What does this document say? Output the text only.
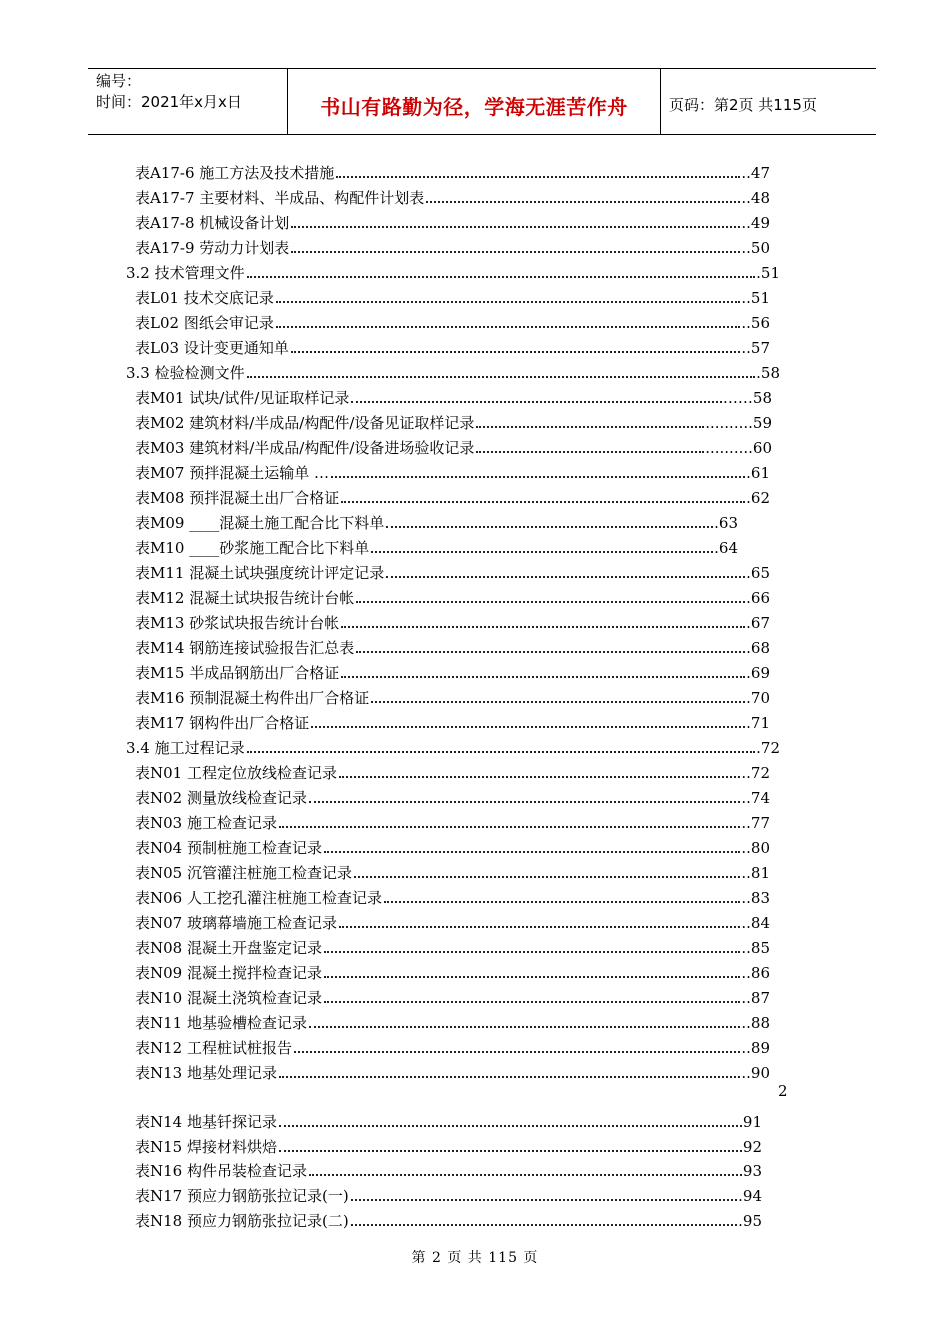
编号：
时间：2021年x月x日	书山有路勤为径，学海无涯苦作舟	页码：第2页 共115页
表A17-6 施工方法及技术措施	..47
表A17-7 主要材料、半成品、构配件计划表	..48
表A17-8 机械设备计划	..49
表A17-9 劳动力计划表	..50
3.2 技术管理文件	.51
表L01 技术交底记录	..51
表L02 图纸会审记录	..56
表L03 设计变更通知单	..57
3.3 检验检测文件	.58
表M01 试块/试件/见证取样记录	……58
表M02 建筑材料/半成品/构配件/设备见证取样记录	..........59
表M03 建筑材料/半成品/构配件/设备进场验收记录	..........60
表M07 预拌混凝土运输单 …	.61
表M08 预拌混凝土出厂合格证	.62
表M09 ____混凝土施工配合比下料单	.63
表M10 ____砂浆施工配合比下料单	.64
表M11 混凝土试块强度统计评定记录	.65
表M12 混凝土试块报告统计台帐	.66
表M13 砂浆试块报告统计台帐	.67
表M14 钢筋连接试验报告汇总表	.68
表M15 半成品钢筋出厂合格证	.69
表M16 预制混凝土构件出厂合格证	.70
表M17 钢构件出厂合格证	.71
3.4 施工过程记录	.72
表N01 工程定位放线检查记录	..72
表N02 测量放线检查记录	..74
表N03 施工检查记录	..77
表N04 预制桩施工检查记录	..80
表N05 沉管灌注桩施工检查记录	..81
表N06 人工挖孔灌注桩施工检查记录	..83
表N07 玻璃幕墙施工检查记录	..84
表N08 混凝土开盘鉴定记录	..85
表N09 混凝土搅拌检查记录	..86
表N10 混凝土浇筑检查记录	..87
表N11 地基验槽检查记录	..88
表N12 工程桩试桩报告	..89
表N13 地基处理记录	..90
表N14 地基钎探记录	91
表N15 焊接材料烘焙	92
表N16 构件吊装检查记录	93
表N17 预应力钢筋张拉记录(一)	.94
表N18 预应力钢筋张拉记录(二)	.95
2
第 2 页 共 115 页
